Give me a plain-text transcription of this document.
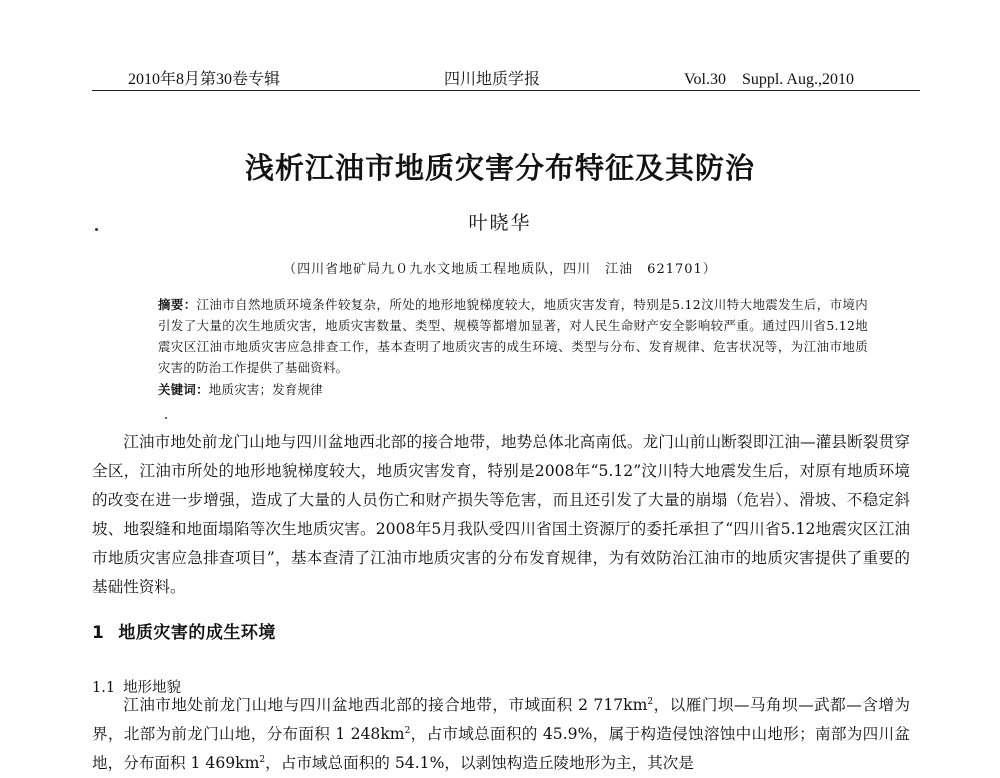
2010年8月第30卷专辑	四川地质学报	Vol.30　Suppl. Aug.,2010
浅析江油市地质灾害分布特征及其防治
叶晓华
（四川省地矿局九０九水文地质工程地质队，四川　江油　621701）
摘要：江油市自然地质环境条件较复杂，所处的地形地貌梯度较大，地质灾害发育，特别是5.12汶川特大地震发生后，市境内引发了大量的次生地质灾害，地质灾害数量、类型、规模等都增加显著，对人民生命财产安全影响较严重。通过四川省5.12地震灾区江油市地质灾害应急排查工作，基本查明了地质灾害的成生环境、类型与分布、发育规律、危害状况等，为江油市地质灾害的防治工作提供了基础资料。
关键词：地质灾害；发育规律

江油市地处前龙门山地与四川盆地西北部的接合地带，地势总体北高南低。龙门山前山断裂即江油—灌县断裂贯穿全区，江油市所处的地形地貌梯度较大，地质灾害发育，特别是2008年“5.12”汶川特大地震发生后，对原有地质环境的改变在进一步增强，造成了大量的人员伤亡和财产损失等危害，而且还引发了大量的崩塌（危岩）、滑坡、不稳定斜坡、地裂缝和地面塌陷等次生地质灾害。2008年5月我队受四川省国土资源厅的委托承担了“四川省5.12地震灾区江油市地质灾害应急排查项目”，基本查清了江油市地质灾害的分布发育规律，为有效防治江油市的地质灾害提供了重要的基础性资料。

1 地质灾害的成生环境
1.1 地形地貌

江油市地处前龙门山地与四川盆地西北部的接合地带，市域面积 2 $717km^2$，以雁门坝—马角坝—武都—含增为界，北部为前龙门山地，分布面积 1 $248km^2$，占市域总面积的 45.9%，属于构造侵蚀溶蚀中山地形；南部为四川盆地，分布面积 1 $469km^2$，占市域总面积的 54.1%，以剥蚀构造丘陵地形为主，其次是
